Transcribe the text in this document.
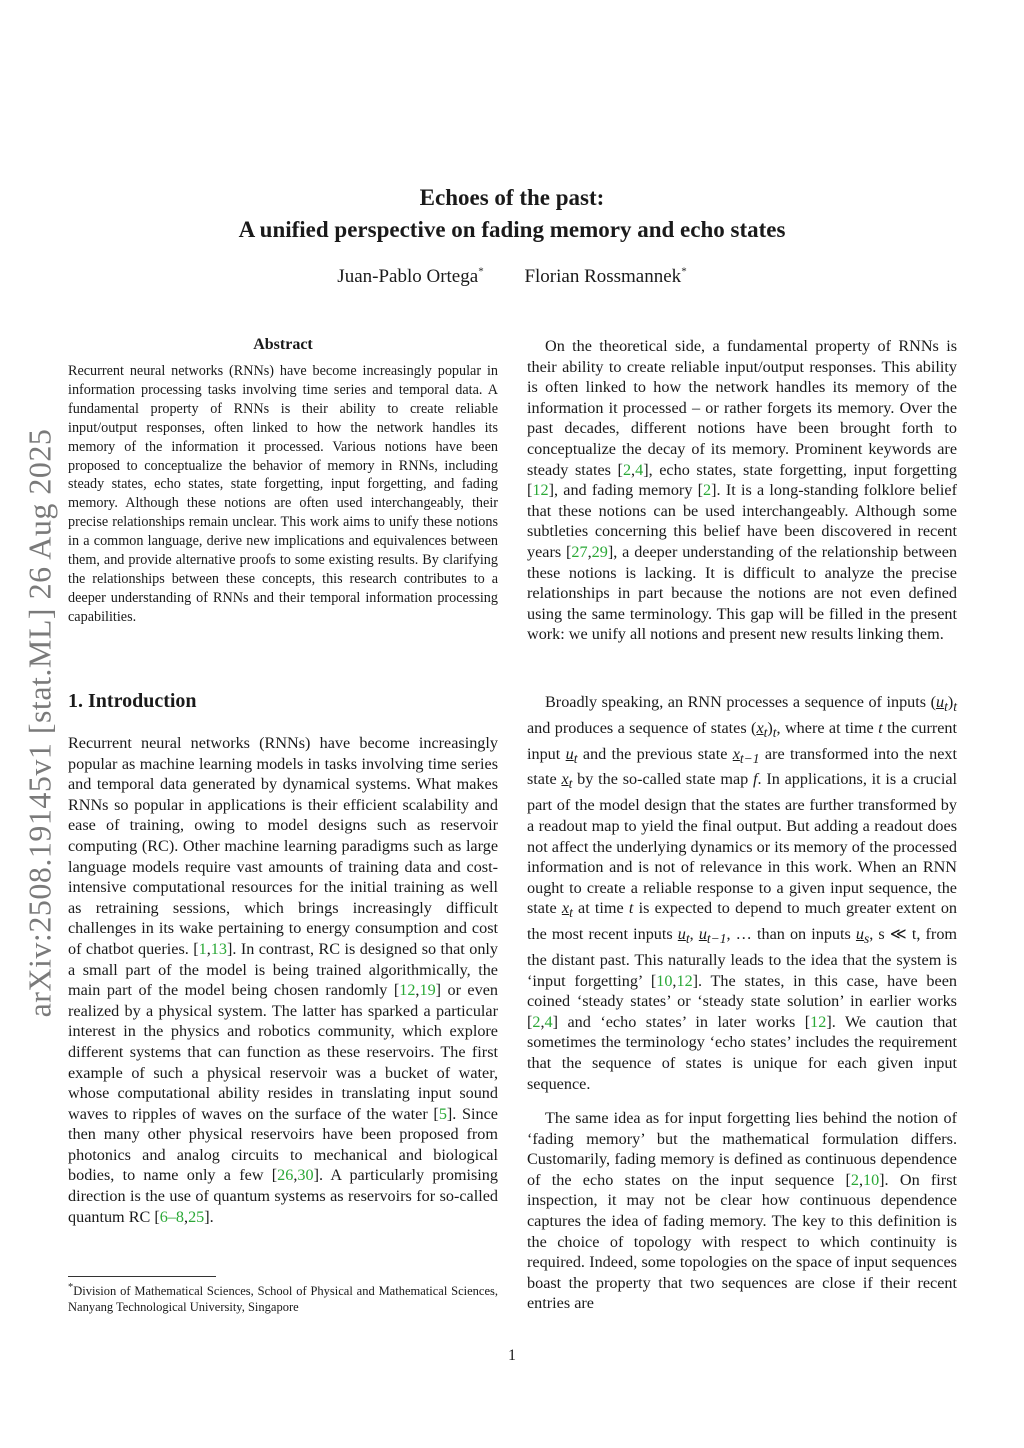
arXiv:2508.19145v1 [stat.ML] 26 Aug 2025
Echoes of the past:
A unified perspective on fading memory and echo states
Juan-Pablo Ortega* Florian Rossmannek*
Abstract

Recurrent neural networks (RNNs) have become increasingly popular in information processing tasks involving time series and temporal data. A fundamental property of RNNs is their ability to create reliable input/output responses, often linked to how the network handles its memory of the information it processed. Various notions have been proposed to conceptualize the behavior of memory in RNNs, including steady states, echo states, state forgetting, input forgetting, and fading memory. Although these notions are often used interchangeably, their precise relationships remain unclear. This work aims to unify these notions in a common language, derive new implications and equivalences between them, and provide alternative proofs to some existing results. By clarifying the relationships between these concepts, this research contributes to a deeper understanding of RNNs and their temporal information processing capabilities.

1. Introduction

Recurrent neural networks (RNNs) have become increasingly popular as machine learning models in tasks involving time series and temporal data generated by dynamical systems. What makes RNNs so popular in applications is their efficient scalability and ease of training, owing to model designs such as reservoir computing (RC). Other machine learning paradigms such as large language models require vast amounts of training data and cost-intensive computational resources for the initial training as well as retraining sessions, which brings increasingly difficult challenges in its wake pertaining to energy consumption and cost of chatbot queries. [1,13]. In contrast, RC is designed so that only a small part of the model is being trained algorithmically, the main part of the model being chosen randomly [12,19] or even realized by a physical system. The latter has sparked a particular interest in the physics and robotics community, which explore different systems that can function as these reservoirs. The first example of such a physical reservoir was a bucket of water, whose computational ability resides in translating input sound waves to ripples of waves on the surface of the water [5]. Since then many other physical reservoirs have been proposed from photonics and analog circuits to mechanical and biological bodies, to name only a few [26,30]. A particularly promising direction is the use of quantum systems as reservoirs for so-called quantum RC [6–8,25].

*Division of Mathematical Sciences, School of Physical and Mathematical Sciences, Nanyang Technological University, Singapore

On the theoretical side, a fundamental property of RNNs is their ability to create reliable input/output responses. This ability is often linked to how the network handles its memory of the information it processed – or rather forgets its memory. Over the past decades, different notions have been brought forth to conceptualize the decay of its memory. Prominent keywords are steady states [2,4], echo states, state forgetting, input forgetting [12], and fading memory [2]. It is a long-standing folklore belief that these notions can be used interchangeably. Although some subtleties concerning this belief have been discovered in recent years [27,29], a deeper understanding of the relationship between these notions is lacking. It is difficult to analyze the precise relationships in part because the notions are not even defined using the same terminology. This gap will be filled in the present work: we unify all notions and present new results linking them.

Broadly speaking, an RNN processes a sequence of inputs $(u_t)_t$ and produces a sequence of states $(x_t)_t$, where at time t the current input $u_t$ and the previous state $x_{t-1}$ are transformed into the next state $x_t$ by the so-called state map f. In applications, it is a crucial part of the model design that the states are further transformed by a readout map to yield the final output. But adding a readout does not affect the underlying dynamics or its memory of the processed information and is not of relevance in this work. When an RNN ought to create a reliable response to a given input sequence, the state $x_t$ at time t is expected to depend to much greater extent on the most recent inputs $u_t$, $u_{t-1}$, … than on inputs $u_s$, s ≪ t, from the distant past. This naturally leads to the idea that the system is ‘input forgetting’ [10,12]. The states, in this case, have been coined ‘steady states’ or ‘steady state solution’ in earlier works [2,4] and ‘echo states’ in later works [12]. We caution that sometimes the terminology ‘echo states’ includes the requirement that the sequence of states is unique for each given input sequence.

The same idea as for input forgetting lies behind the notion of ‘fading memory’ but the mathematical formulation differs. Customarily, fading memory is defined as continuous dependence of the echo states on the input sequence [2,10]. On first inspection, it may not be clear how continuous dependence captures the idea of fading memory. The key to this definition is the choice of topology with respect to which continuity is required. Indeed, some topologies on the space of input sequences boast the property that two sequences are close if their recent entries are

1
